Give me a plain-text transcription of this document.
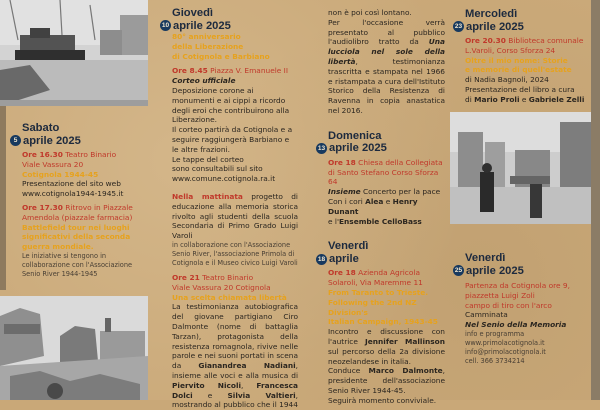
Sabato
5 aprile 2025

Ore 16.30 Teatro Binario

Viale Vassura 20

Cotignola 1944-45

Presentazione del sito web

www.cotignola1944-1945.it

Ore 17.30 Ritrovo in Piazzale

Amendola (piazzale farmacia)

Battlefield tour nei luoghi

significativi della seconda

guerra mondiale.

Le iniziative si tengono in

collaborazione con l'Associazione

Senio River 1944-1945

Giovedì
10 aprile 2025

80° anniversario

della Liberazione

di Cotignola e Barbiano

Ore 8.45 Piazza V. Emanuele II

Corteo ufficiale

Deposizione corone ai monumenti e ai cippi a ricordo degli eroi che contribuirono alla Liberazione.

Il corteo partirà da Cotignola e a seguire raggiungerà Barbiano e le altre frazioni.

Le tappe del corteo

sono consultabili sul sito

www.comune.cotignola.ra.it

Nella mattinata progetto di educazione alla memoria storica rivolto agli studenti della scuola Secondaria di Primo Grado Luigi Varoli

in collaborazione con l'Associazione Senio River, l'associazione Primola di Cotignola e il Museo civico Luigi Varoli

Ore 21 Teatro Binario

Viale Vassura 20 Cotignola

Una scelta chiamata libertà

La testimonianza autobiografica del giovane partigiano Ciro Dalmonte (nome di battaglia Tarzan), protagonista della resistenza romagnola, rivive nelle parole e nei suoni portati in scena da Gianandrea Nadiani, insieme alle voci e alla musica di Piervito Nicoli, Francesca Dolci e Silvia Valtieri, mostrando al pubblico che il 1944

non è poi così lontano.

Per l'occasione verrà presentato al pubblico l'audiolibro tratto da Una lucciola nel sole della libertà, testimonianza trascritta e stampata nel 1966 e ristampata a cura dell'Istituto Storico della Resistenza di Ravenna in copia anastatica nel 2016.

Domenica
13 aprile 2025

Ore 18 Chiesa della Collegiata

di Santo Stefano Corso Sforza 64

Insieme Concerto per la pace

Con i cori Alea e Henry Dunant

e l'Ensemble CelloBass

Venerdì
18 aprile

Ore 18 Azienda Agricola

Solaroli, Via Maremme 11

From Taranto to Trieste.

Following the 2nd NZ Division's

Italian Campaign, 1943-45

Incontro e discussione con l'autrice Jennifer Mallinson sul percorso della 2a divisione neozelandese in italia.

Conduce Marco Dalmonte, presidente dell'associazione Senio River 1944-45.

Seguirà momento conviviale.

Mercoledì
23 aprile 2025

Ore 20.30 Biblioteca comunale

L.Varoli, Corso Sforza 24

Oltre il mio nome: Storie

e memorie di quell'estate

di Nadia Bagnoli, 2024

Presentazione del libro a cura

di Mario Proli e Gabriele Zelli

Venerdì
25 aprile 2025

Partenza da Cotignola ore 9,

piazzetta Luigi Zoli

campo di tiro con l'arco

Camminata

Nel Senio della Memoria

info e programma

www.primolacotignola.it

info@primolacotignola.it

cell. 366 3734214
